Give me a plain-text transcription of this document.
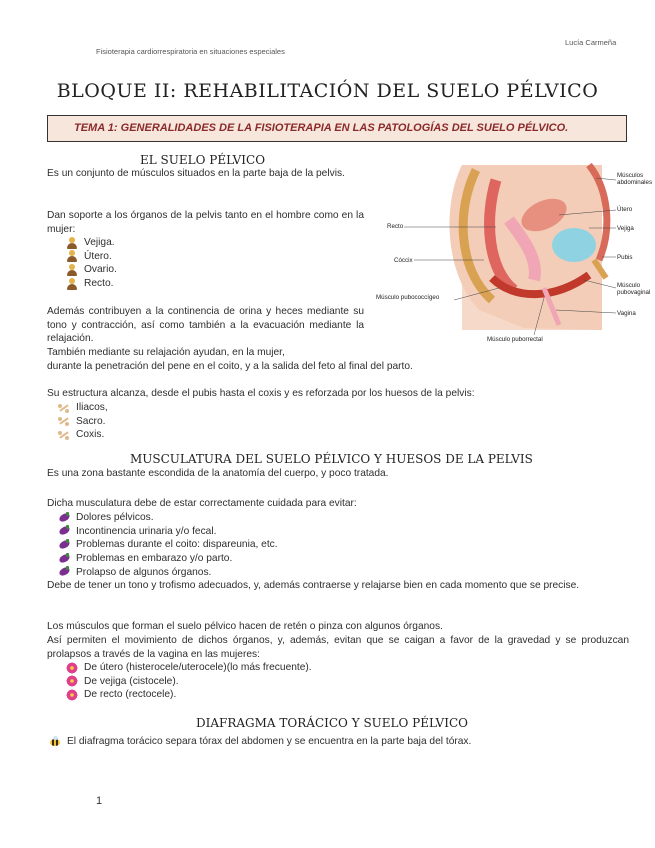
Fisioterapia cardiorrespiratoria en situaciones especiales
Lucía Carmeña
BLOQUE II: REHABILITACIÓN DEL SUELO PÉLVICO
TEMA 1: GENERALIDADES DE LA FISIOTERAPIA EN LAS PATOLOGÍAS DEL SUELO PÉLVICO.
EL SUELO PÉLVICO
Es un conjunto de músculos situados en la parte baja de la pelvis.
Dan soporte a los órganos de la pelvis tanto en el hombre como en la mujer:
Vejiga.
Útero.
Ovario.
Recto.
Además contribuyen a la continencia de orina y heces mediante su tono y contracción, así como también a la evacuación mediante la relajación.
También mediante su relajación ayudan, en la mujer,
durante la penetración del pene en el coito, y a la salida del feto al final del parto.
Su estructura alcanza, desde el pubis hasta el coxis y es reforzada por los huesos de la pelvis:
Iliacos,
Sacro.
Coxis.
Músculos abdominales
Útero
Vejiga
Recto
Cóccix	Pubis
Músculo pubococcígeo
Músculo pubovaginal
Vagina
Músculo puborrectal
MUSCULATURA DEL SUELO PÉLVICO Y HUESOS DE LA PELVIS
Es una zona bastante escondida de la anatomía del cuerpo, y poco tratada.
Dicha musculatura debe de estar correctamente cuidada para evitar:
Dolores pélvicos.
Incontinencia urinaria y/o fecal.
Problemas durante el coito: dispareunia, etc.
Problemas en embarazo y/o parto.
Prolapso de algunos órganos.
Debe de tener un tono y trofismo adecuados, y, además contraerse y relajarse bien en cada momento que se precise.
Los músculos que forman el suelo pélvico hacen de retén o pinza con algunos órganos.
Así permiten el movimiento de dichos órganos, y, además, evitan que se caigan a favor de la gravedad y se produzcan prolapsos a través de la vagina en las mujeres:
De útero (histerocele/uterocele)(lo más frecuente).
De vejiga (cistocele).
De recto (rectocele).
DIAFRAGMA TORÁCICO Y SUELO PÉLVICO
El diafragma torácico separa tórax del abdomen y se encuentra en la parte baja del tórax.
1
